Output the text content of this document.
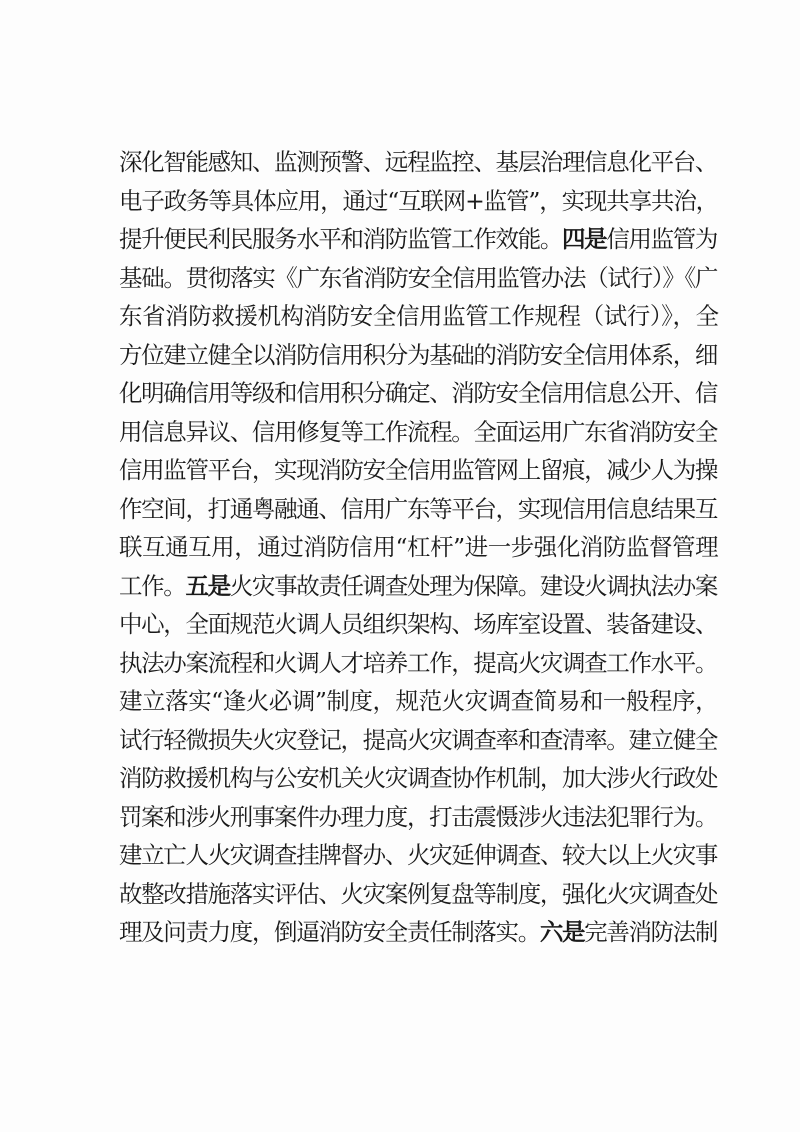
深化智能感知、监测预警、远程监控、基层治理信息化平台、
电子政务等具体应用，通过“互联网+监管”，实现共享共治，
提升便民利民服务水平和消防监管工作效能。四是信用监管为
基础。贯彻落实《广东省消防安全信用监管办法（试行）》《广
东省消防救援机构消防安全信用监管工作规程（试行）》，全
方位建立健全以消防信用积分为基础的消防安全信用体系，细
化明确信用等级和信用积分确定、消防安全信用信息公开、信
用信息异议、信用修复等工作流程。全面运用广东省消防安全
信用监管平台，实现消防安全信用监管网上留痕，减少人为操
作空间，打通粤融通、信用广东等平台，实现信用信息结果互
联互通互用，通过消防信用“杠杆”进一步强化消防监督管理
工作。五是火灾事故责任调查处理为保障。建设火调执法办案
中心，全面规范火调人员组织架构、场库室设置、装备建设、
执法办案流程和火调人才培养工作，提高火灾调查工作水平。
建立落实“逢火必调”制度，规范火灾调查简易和一般程序，
试行轻微损失火灾登记，提高火灾调查率和查清率。建立健全
消防救援机构与公安机关火灾调查协作机制，加大涉火行政处
罚案和涉火刑事案件办理力度，打击震慑涉火违法犯罪行为。
建立亡人火灾调查挂牌督办、火灾延伸调查、较大以上火灾事
故整改措施落实评估、火灾案例复盘等制度，强化火灾调查处
理及问责力度，倒逼消防安全责任制落实。六是完善消防法制
